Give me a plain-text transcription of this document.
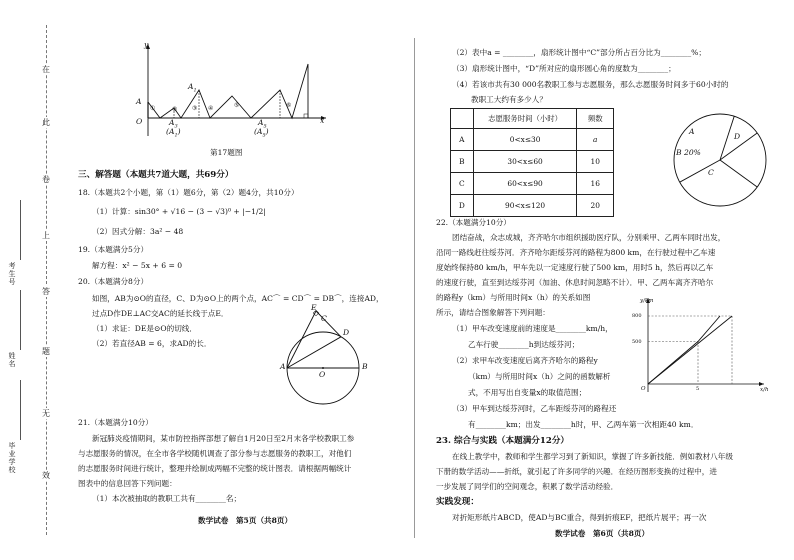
在
此
卷
上
答
题
无
效
考生号
姓名
毕业学校
y
x
O
A
$A_1$
$A_3$
$(A_1)$
$A_5$
$(A_5)$
①	② ③ ④	⑤	⑥
第17题图
三、解答题（本题共7道大题，共69分）
18.（本题共2个小题，第（1）题6分，第（2）题4分，共10分）
（1）计算：sin30° + √16 − (3 − √3)⁰ + |−1/2|
（2）因式分解：3a² − 48
19.（本题满分5分）
解方程：x² − 5x + 6 = 0
20.（本题满分8分）
如图，AB为⊙O的直径，C、D为⊙O上的两个点，AC⌒ = CD⌒ = DB⌒，连接AD，
过点D作DE⊥AC交AC的延长线于点E．
（1）求证：DE是⊙O的切线．
（2）若直径AB = 6，求AD的长．
E
C
D
A
O
B
21.（本题满分10分）
新冠肺炎疫情期间，某市防控指挥部想了解自1月20日至2月末各学校教职工参
与志愿服务的情况，在全市各学校随机调查了部分参与志愿服务的教职工，对他们
的志愿服务时间进行统计，整理并绘制成两幅不完整的统计图表．请根据两幅统计
图表中的信息回答下列问题：
（1）本次被抽取的教职工共有________名；
数学试卷　第5页（共8页）
（2）表中a = ________，扇形统计图中“C”部分所占百分比为________%；
（3）扇形统计图中，“D”所对应的扇形圆心角的度数为________；
（4）若该市共有30 000名教职工参与志愿服务，那么志愿服务时间多于60小时的
教职工大约有多少人？
	志愿服务时间（小时）	频数
A	0<x≤30	a
B	30<x≤60	10
C	60<x≤90	16
D	90<x≤120	20
A
B 20%
D
C
22.（本题满分10分）
团结奋战，众志成城，齐齐哈尔市组织援助医疗队，分别乘甲、乙两车同时出发，
沿同一路线赶往绥芬河．齐齐哈尔距绥芬河的路程为800 km，在行驶过程中乙车速
度始终保持80 km/h，甲车先以一定速度行驶了500 km，用时5 h，然后再以乙车
的速度行驶，直至到达绥芬河（加油、休息时间忽略不计）．甲、乙两车离齐齐哈尔
的路程y（km）与所用时间x（h）的关系如图
所示，请结合图象解答下列问题：
（1）甲车改变速度前的速度是________km/h，
乙车行驶________h到达绥芬河；
（2）求甲车改变速度后离齐齐哈尔的路程y
（km）与所用时间x（h）之间的函数解析
式，不用写出自变量x的取值范围；
（3）甲车到达绥芬河时，乙车距绥芬河的路程还
有________km；出发________h时，甲、乙两车第一次相距40 km．
y/km
x/h
800
500
5
O
23. 综合与实践（本题满分12分）
在线上教学中，教师和学生都学习到了新知识，掌握了许多新技能．例如教材八年级
下册的数学活动——折纸，就引起了许多同学的兴趣．在经历图形变换的过程中，进
一步发展了同学们的空间观念，积累了数学活动经验．
实践发现：
对折矩形纸片ABCD，使AD与BC重合，得到折痕EF，把纸片展平；再一次
数学试卷　第6页（共8页）
